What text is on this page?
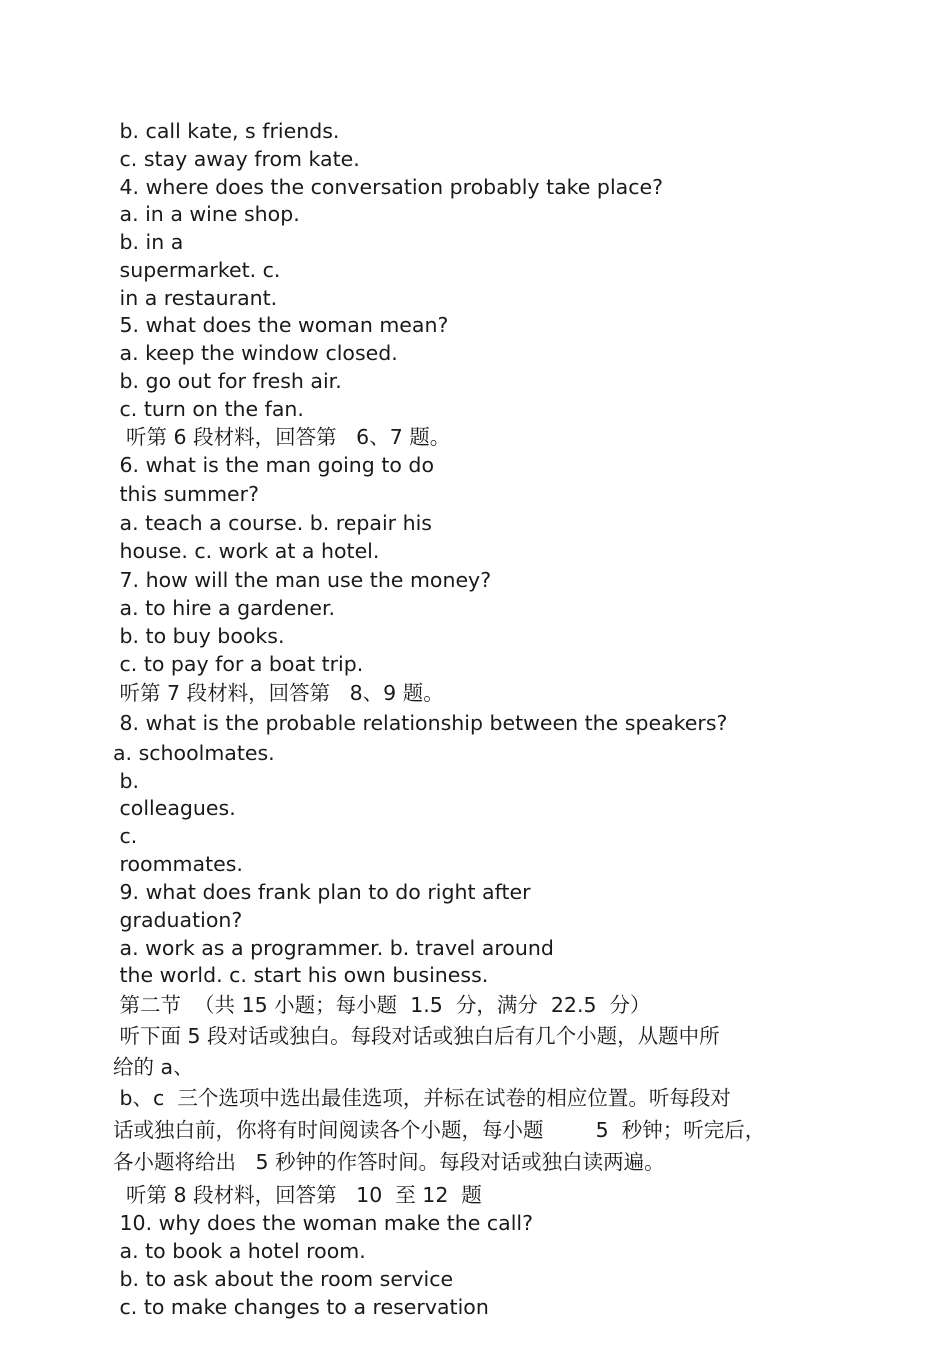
b. call kate, s friends.
c. stay away from kate.
4. where does the conversation probably take place?
a. in a wine shop.
b. in a
supermarket. c.
in a restaurant.
5. what does the woman mean?
a. keep the window closed.
b. go out for fresh air.
c. turn on the fan.
听第 6 段材料，回答第   6、7 题。
6. what is the man going to do
this summer?
a. teach a course. b. repair his
house. c. work at a hotel.
7. how will the man use the money?
a. to hire a gardener.
b. to buy books.
c. to pay for a boat trip.
听第 7 段材料，回答第   8、9 题。
8. what is the probable relationship between the speakers?
a. schoolmates.
b.
colleagues.
c.
roommates.
9. what does frank plan to do right after
graduation?
a. work as a programmer. b. travel around
the world. c. start his own business.
第二节  （共 15 小题；每小题  1.5  分，满分  22.5  分）
听下面 5 段对话或独白。每段对话或独白后有几个小题，从题中所
给的 a、
b、c  三个选项中选出最佳选项，并标在试卷的相应位置。听每段对
话或独白前，你将有时间阅读各个小题，每小题        5  秒钟；听完后，
各小题将给出   5 秒钟的作答时间。每段对话或独白读两遍。
听第 8 段材料，回答第   10  至 12  题
10. why does the woman make the call?
a. to book a hotel room.
b. to ask about the room service
c. to make changes to a reservation
